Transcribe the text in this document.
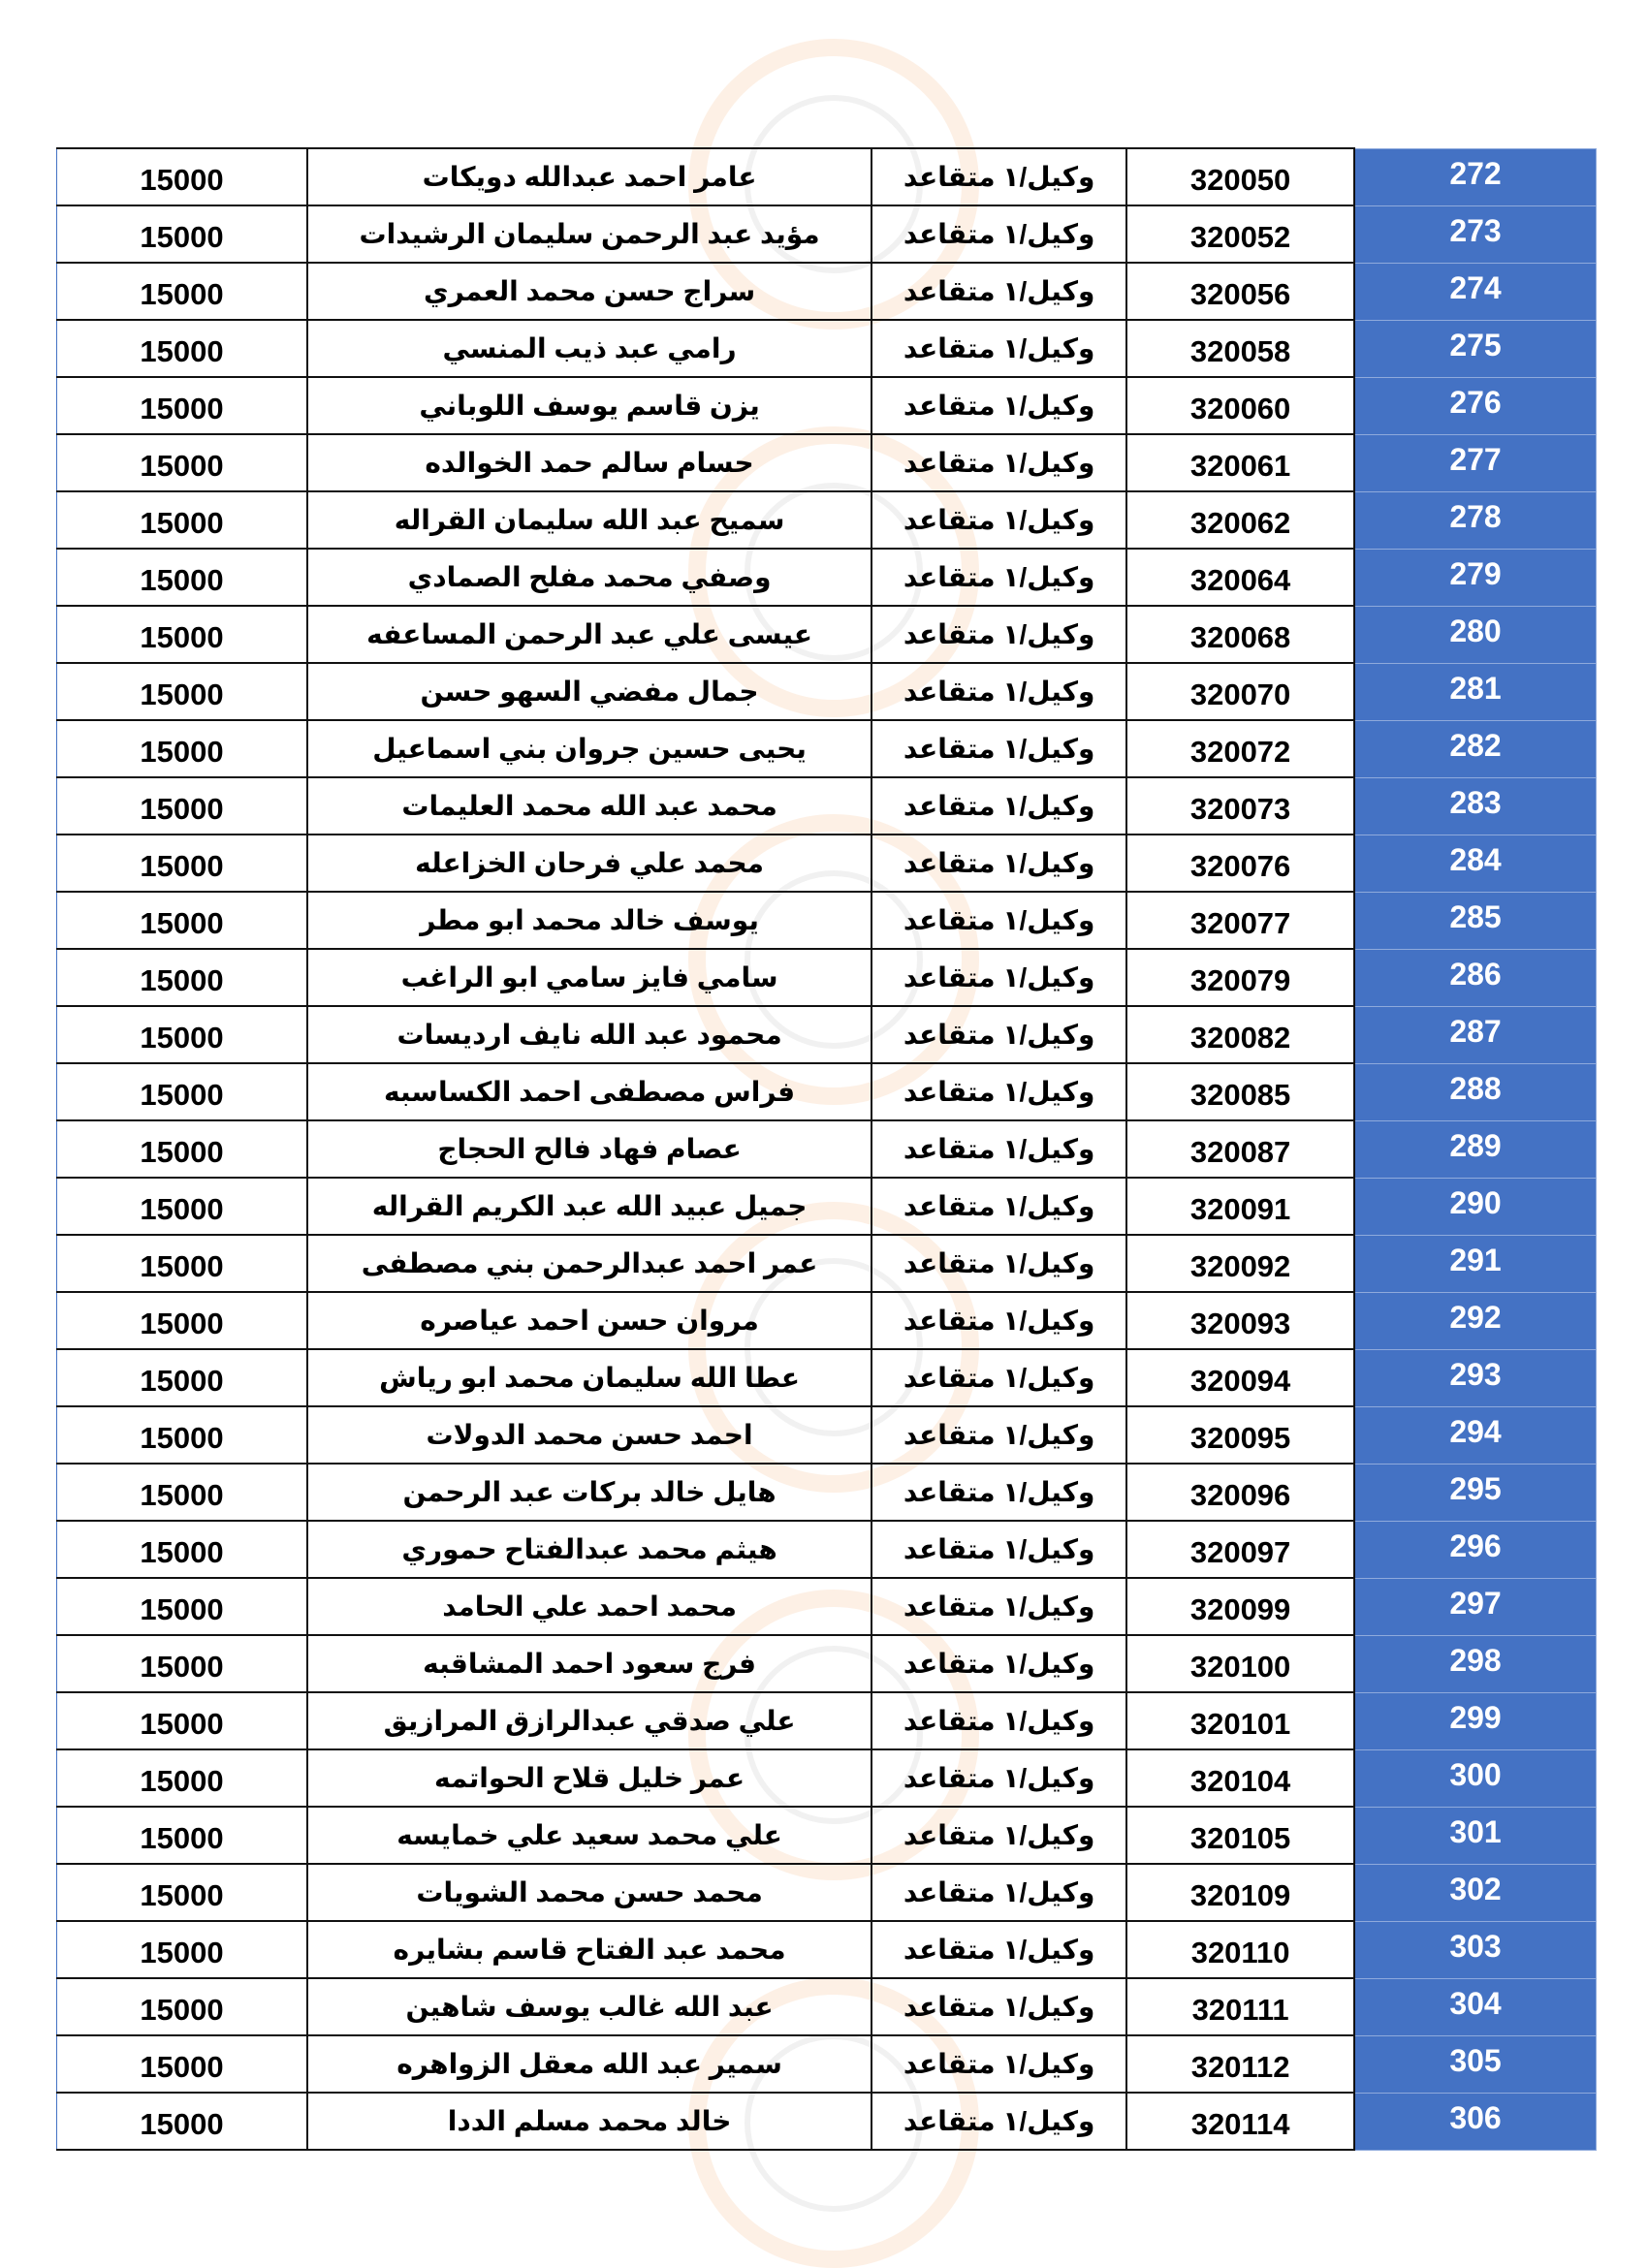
15000	عامر احمد عبدالله دويكات	وكيل/١ متقاعد	320050	272
15000	مؤيد عبد الرحمن سليمان الرشيدات	وكيل/١ متقاعد	320052	273
15000	سراج حسن محمد العمري	وكيل/١ متقاعد	320056	274
15000	رامي عبد ذيب المنسي	وكيل/١ متقاعد	320058	275
15000	يزن قاسم يوسف اللوباني	وكيل/١ متقاعد	320060	276
15000	حسام سالم حمد الخوالده	وكيل/١ متقاعد	320061	277
15000	سميح عبد الله سليمان القراله	وكيل/١ متقاعد	320062	278
15000	وصفي محمد مفلح الصمادي	وكيل/١ متقاعد	320064	279
15000	عيسى علي عبد الرحمن المساعفه	وكيل/١ متقاعد	320068	280
15000	جمال مفضي السهو حسن	وكيل/١ متقاعد	320070	281
15000	يحيى حسين جروان بني اسماعيل	وكيل/١ متقاعد	320072	282
15000	محمد عبد الله محمد العليمات	وكيل/١ متقاعد	320073	283
15000	محمد علي فرحان الخزاعله	وكيل/١ متقاعد	320076	284
15000	يوسف خالد محمد ابو مطر	وكيل/١ متقاعد	320077	285
15000	سامي فايز سامي ابو الراغب	وكيل/١ متقاعد	320079	286
15000	محمود عبد الله نايف ارديسات	وكيل/١ متقاعد	320082	287
15000	فراس مصطفى احمد الكساسبه	وكيل/١ متقاعد	320085	288
15000	عصام فهاد فالح الحجاج	وكيل/١ متقاعد	320087	289
15000	جميل عبيد الله عبد الكريم القراله	وكيل/١ متقاعد	320091	290
15000	عمر احمد عبدالرحمن بني مصطفى	وكيل/١ متقاعد	320092	291
15000	مروان حسن احمد عياصره	وكيل/١ متقاعد	320093	292
15000	عطا الله سليمان محمد ابو رياش	وكيل/١ متقاعد	320094	293
15000	احمد حسن محمد الدولات	وكيل/١ متقاعد	320095	294
15000	هايل خالد بركات عبد الرحمن	وكيل/١ متقاعد	320096	295
15000	هيثم محمد عبدالفتاح حموري	وكيل/١ متقاعد	320097	296
15000	محمد احمد علي الحامد	وكيل/١ متقاعد	320099	297
15000	فرج سعود احمد المشاقبه	وكيل/١ متقاعد	320100	298
15000	علي صدقي عبدالرازق المرازيق	وكيل/١ متقاعد	320101	299
15000	عمر خليل قلاح الحواتمه	وكيل/١ متقاعد	320104	300
15000	علي محمد سعيد علي خمايسه	وكيل/١ متقاعد	320105	301
15000	محمد حسن محمد الشويات	وكيل/١ متقاعد	320109	302
15000	محمد عبد الفتاح قاسم بشايره	وكيل/١ متقاعد	320110	303
15000	عبد الله غالب يوسف شاهين	وكيل/١ متقاعد	320111	304
15000	سمير عبد الله معقل الزواهره	وكيل/١ متقاعد	320112	305
15000	خالد محمد مسلم الددا	وكيل/١ متقاعد	320114	306
